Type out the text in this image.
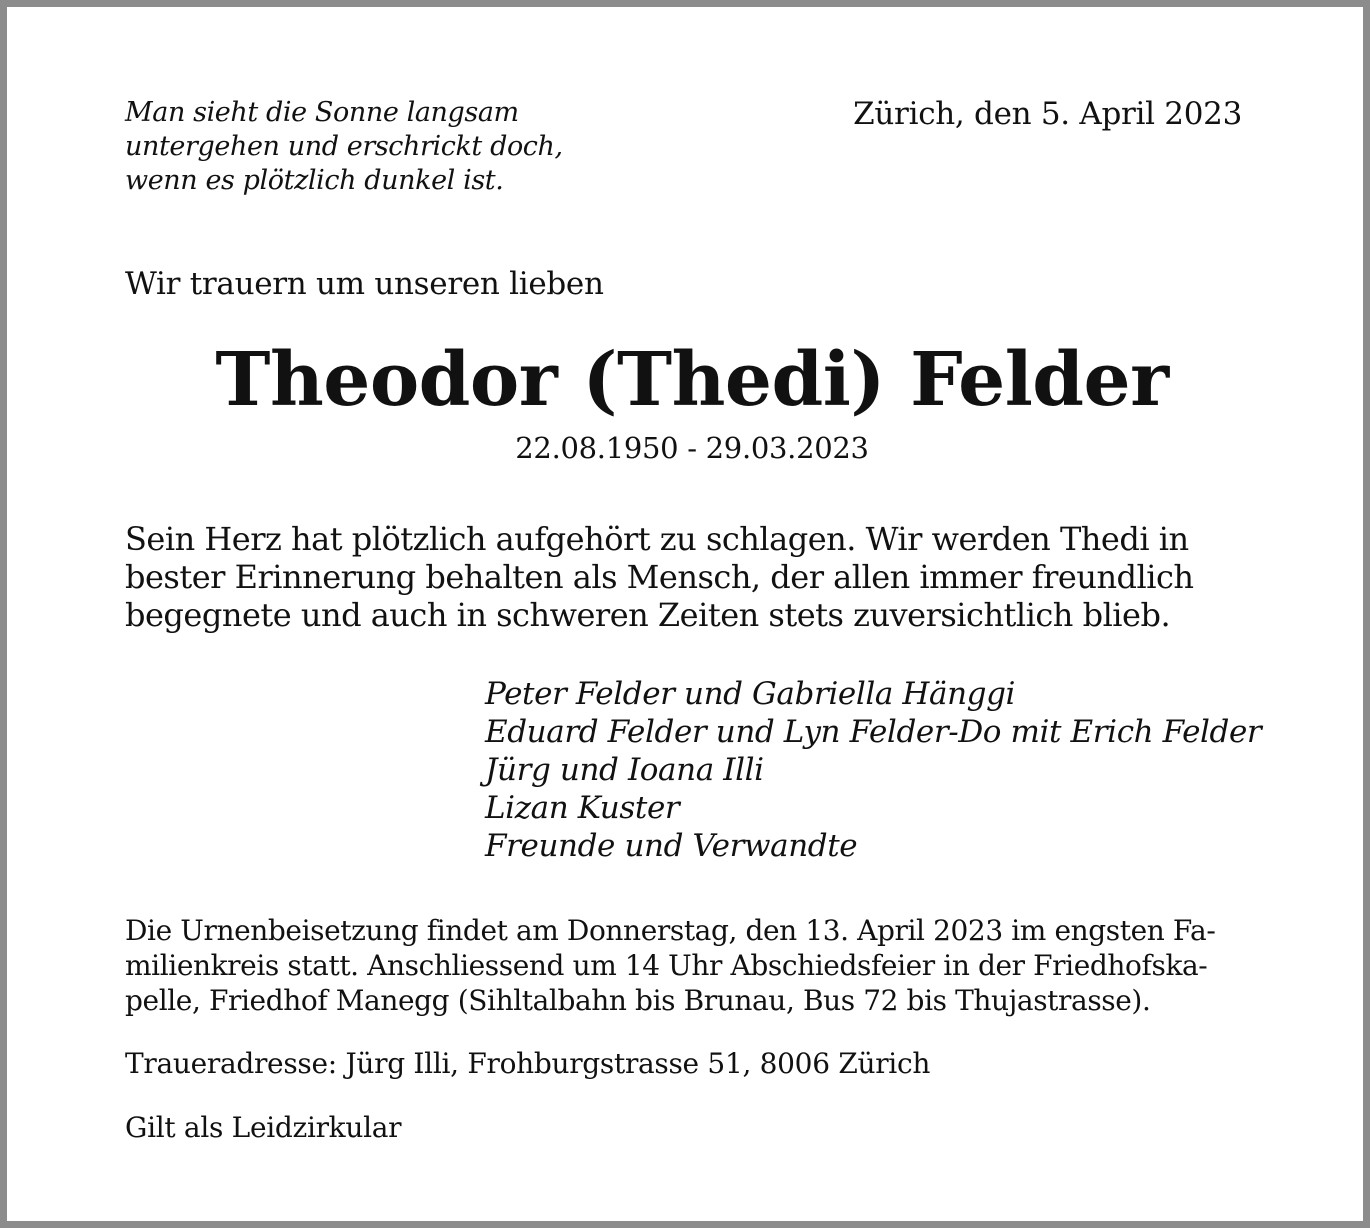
Man sieht die Sonne langsam
untergehen und erschrickt doch,
wenn es plötzlich dunkel ist.
Zürich, den 5. April 2023
Wir trauern um unseren lieben
Theodor (Thedi) Felder
22.08.1950 - 29.03.2023
Sein Herz hat plötzlich aufgehört zu schlagen. Wir werden Thedi in
bester Erinnerung behalten als Mensch, der allen immer freundlich
begegnete und auch in schweren Zeiten stets zuversichtlich blieb.
Peter Felder und Gabriella Hänggi
Eduard Felder und Lyn Felder-Do mit Erich Felder
Jürg und Ioana Illi
Lizan Kuster
Freunde und Verwandte
Die Urnenbeisetzung findet am Donnerstag, den 13. April 2023 im engsten Fa-
milienkreis statt. Anschliessend um 14 Uhr Abschiedsfeier in der Friedhofska-
pelle, Friedhof Manegg (Sihltalbahn bis Brunau, Bus 72 bis Thujastrasse).
Traueradresse: Jürg Illi, Frohburgstrasse 51, 8006 Zürich
Gilt als Leidzirkular
